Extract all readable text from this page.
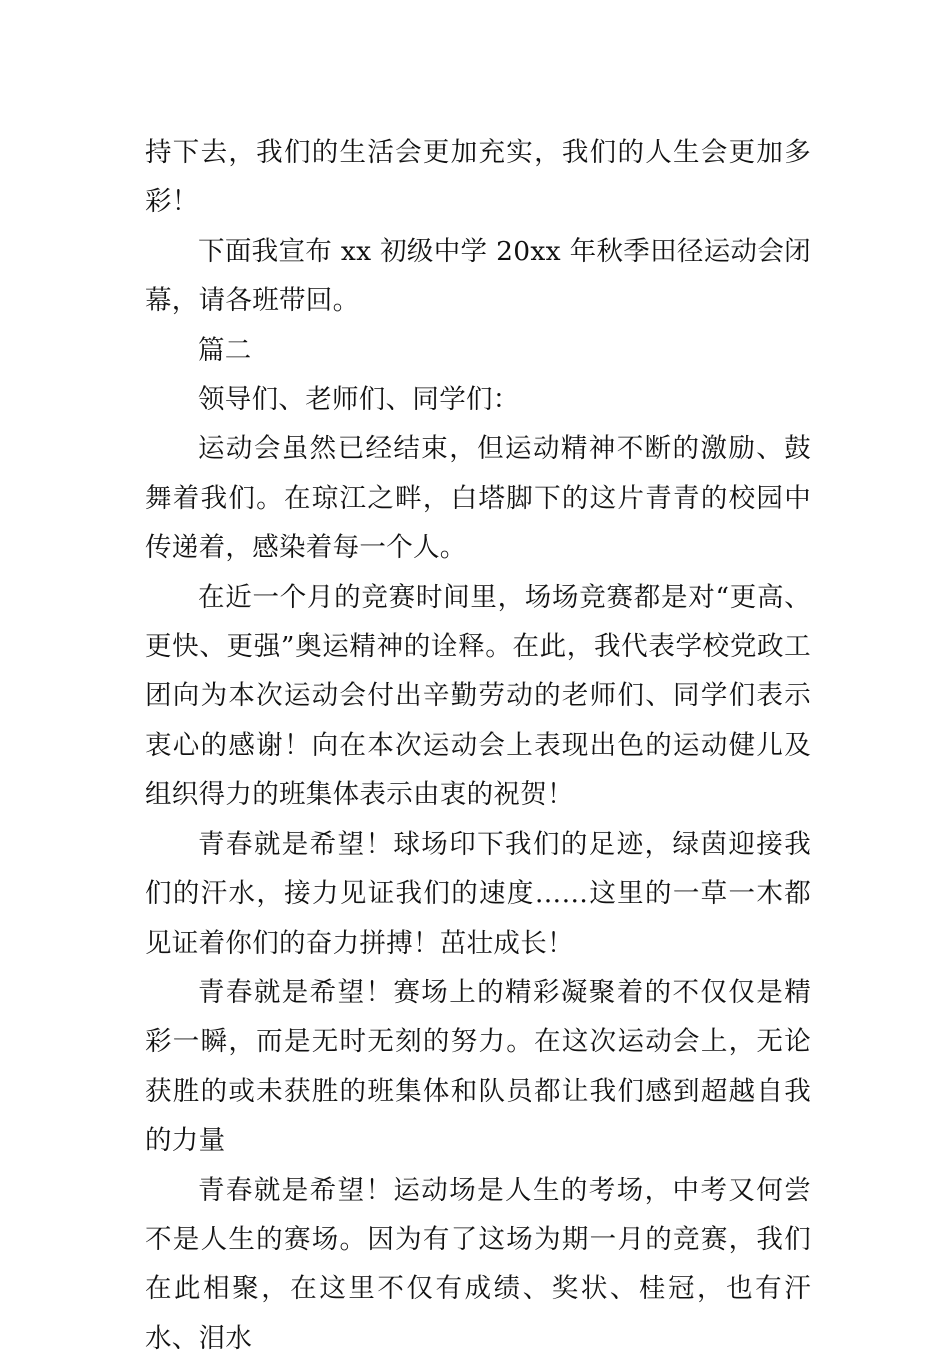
持下去，我们的生活会更加充实，我们的人生会更加多彩！

下面我宣布 xx 初级中学 20xx 年秋季田径运动会闭幕，请各班带回。

篇二

领导们、老师们、同学们：

运动会虽然已经结束，但运动精神不断的激励、鼓舞着我们。在琼江之畔，白塔脚下的这片青青的校园中传递着，感染着每一个人。

在近一个月的竞赛时间里，场场竞赛都是对“更高、更快、更强”奥运精神的诠释。在此，我代表学校党政工团向为本次运动会付出辛勤劳动的老师们、同学们表示衷心的感谢！向在本次运动会上表现出色的运动健儿及组织得力的班集体表示由衷的祝贺！

青春就是希望！球场印下我们的足迹，绿茵迎接我们的汗水，接力见证我们的速度……这里的一草一木都见证着你们的奋力拼搏！茁壮成长！

青春就是希望！赛场上的精彩凝聚着的不仅仅是精彩一瞬，而是无时无刻的努力。在这次运动会上，无论获胜的或未获胜的班集体和队员都让我们感到超越自我的力量

青春就是希望！运动场是人生的考场，中考又何尝不是人生的赛场。因为有了这场为期一月的竞赛，我们在此相聚，在这里不仅有成绩、奖状、桂冠，也有汗水、泪水
